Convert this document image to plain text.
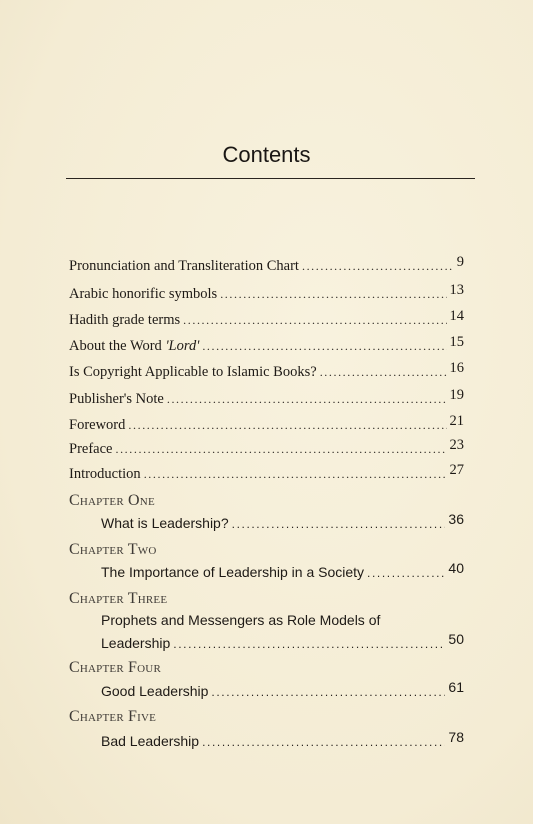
Contents
Pronunciation and Transliteration Chart .....	9
Arabic honorific symbols .....	13
Hadith grade terms .....	14
About the Word 'Lord' .....	15
Is Copyright Applicable to Islamic Books? .....	16
Publisher's Note .....	19
Foreword .....	21
Preface .....	23
Introduction .....	27
Chapter One
What is Leadership? .....	36
Chapter Two
The Importance of Leadership in a Society .....	40
Chapter Three
Prophets and Messengers as Role Models of
Leadership .....	50
Chapter Four
Good Leadership .....	61
Chapter Five
Bad Leadership .....	78
